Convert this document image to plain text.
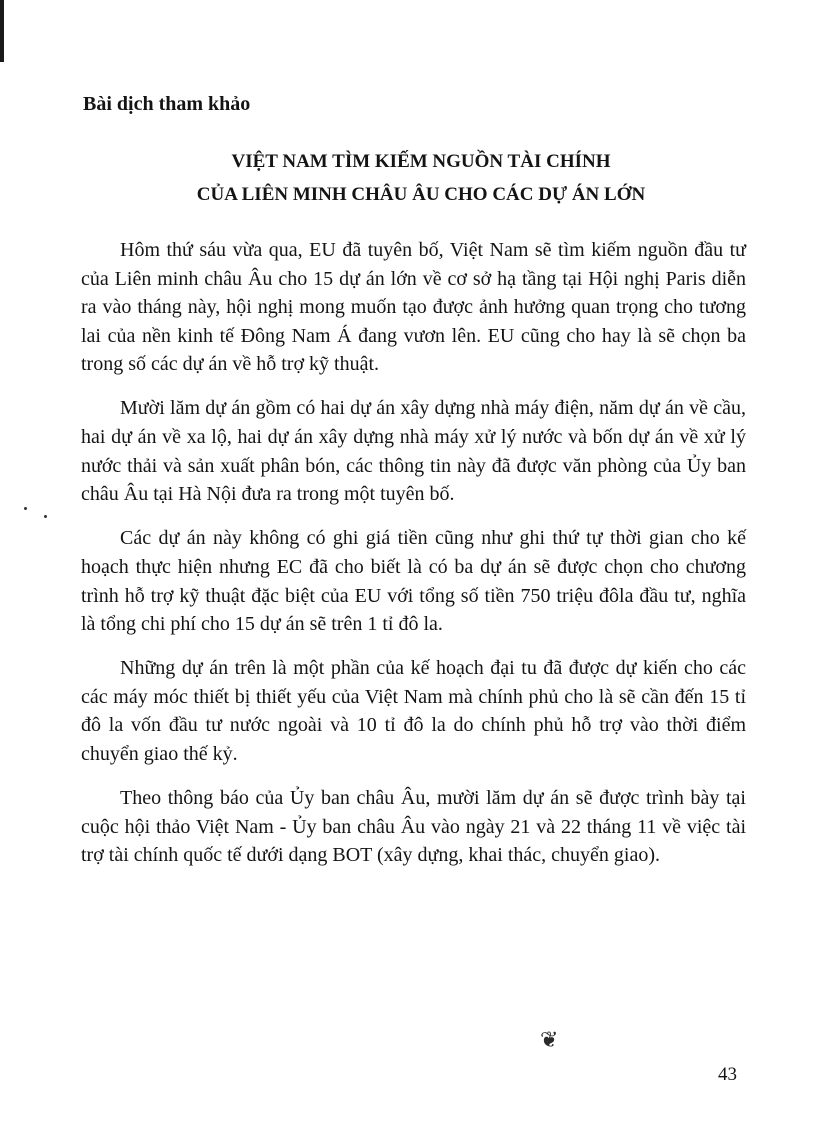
Bài dịch tham khảo
VIỆT NAM TÌM KIẾM NGUỒN TÀI CHÍNH
CỦA LIÊN MINH CHÂU ÂU CHO CÁC DỰ ÁN LỚN

Hôm thứ sáu vừa qua, EU đã tuyên bố, Việt Nam sẽ tìm kiếm nguồn đầu tư của Liên minh châu Âu cho 15 dự án lớn về cơ sở hạ tầng tại Hội nghị Paris diễn ra vào tháng này, hội nghị mong muốn tạo được ảnh hưởng quan trọng cho tương lai của nền kinh tế Đông Nam Á đang vươn lên. EU cũng cho hay là sẽ chọn ba trong số các dự án về hỗ trợ kỹ thuật.

Mười lăm dự án gồm có hai dự án xây dựng nhà máy điện, năm dự án về cầu, hai dự án về xa lộ, hai dự án xây dựng nhà máy xử lý nước và bốn dự án về xử lý nước thải và sản xuất phân bón, các thông tin này đã được văn phòng của Ủy ban châu Âu tại Hà Nội đưa ra trong một tuyên bố.

Các dự án này không có ghi giá tiền cũng như ghi thứ tự thời gian cho kế hoạch thực hiện nhưng EC đã cho biết là có ba dự án sẽ được chọn cho chương trình hỗ trợ kỹ thuật đặc biệt của EU với tổng số tiền 750 triệu đôla đầu tư, nghĩa là tổng chi phí cho 15 dự án sẽ trên 1 tỉ đô la.

Những dự án trên là một phần của kế hoạch đại tu đã được dự kiến cho các các máy móc thiết bị thiết yếu của Việt Nam mà chính phủ cho là sẽ cần đến 15 tỉ đô la vốn đầu tư nước ngoài và 10 tỉ đô la do chính phủ hỗ trợ vào thời điểm chuyển giao thế kỷ.

Theo thông báo của Ủy ban châu Âu, mười lăm dự án sẽ được trình bày tại cuộc hội thảo Việt Nam - Ủy ban châu Âu vào ngày 21 và 22 tháng 11 về việc tài trợ tài chính quốc tế dưới dạng BOT (xây dựng, khai thác, chuyển giao).

❦

43
